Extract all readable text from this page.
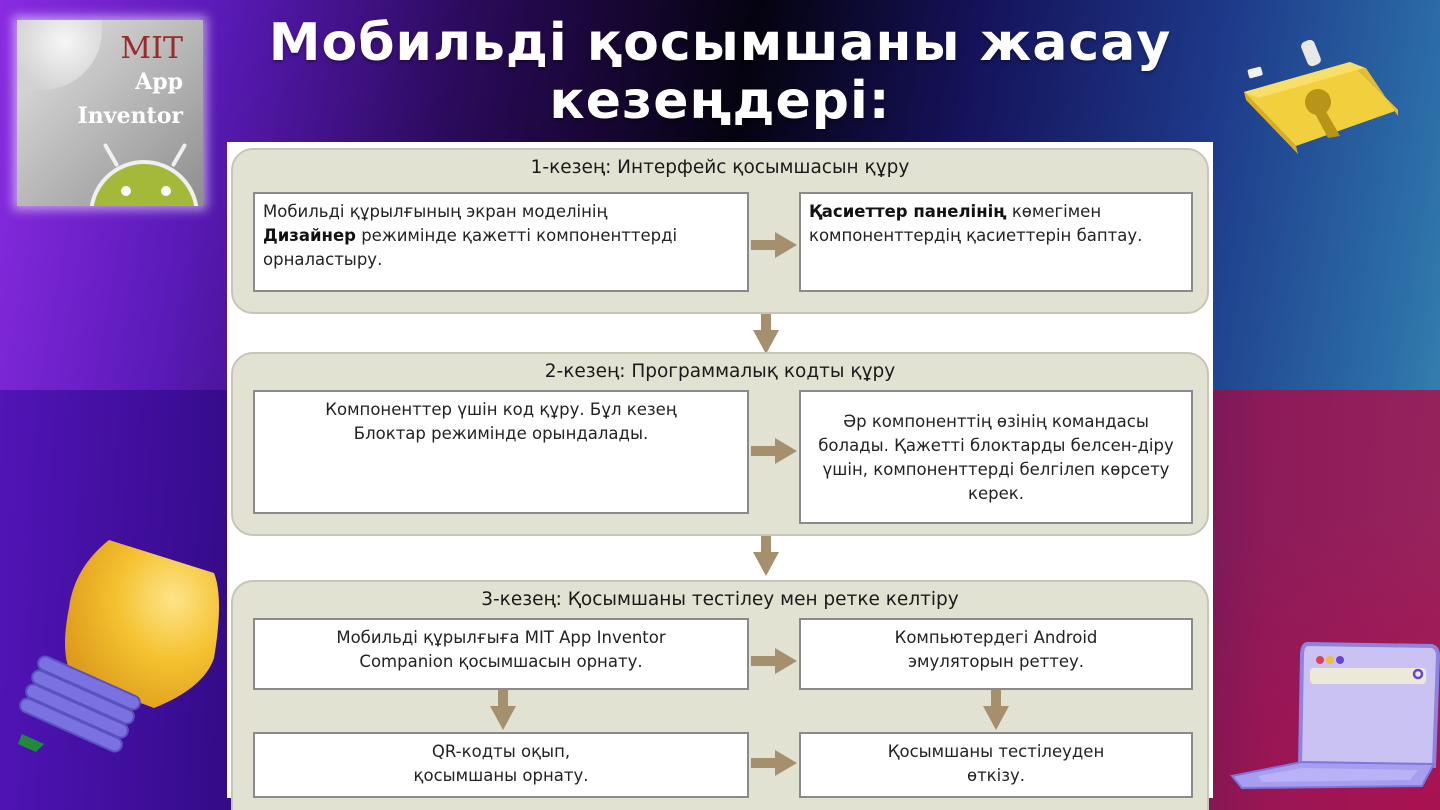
MIT
App
Inventor
Мобильді қосымшаны жасау
кезеңдері:
1-кезең: Интерфейс қосымшасын құру
Мобильді құрылғының экран моделінің
Дизайнер режимінде қажетті компоненттерді орналастыру.
Қасиеттер панелінің көмегімен компоненттердің қасиеттерін баптау.
2-кезең: Программалық кодты құру
Компоненттер үшін код құру. Бұл кезең Блоктар режимінде орындалады.
Әр компоненттің өзінің командасы болады. Қажетті блоктарды белсен-діру үшін, компоненттерді белгілеп көрсету керек.
3-кезең: Қосымшаны тестілеу мен ретке келтіру
Мобильді құрылғыға MIT App Inventor Companion қосымшасын орнату.
Компьютердегі Android эмуляторын реттеу.
QR-кодты оқып,
қосымшаны орнату.
Қосымшаны тестілеуден
өткізу.
